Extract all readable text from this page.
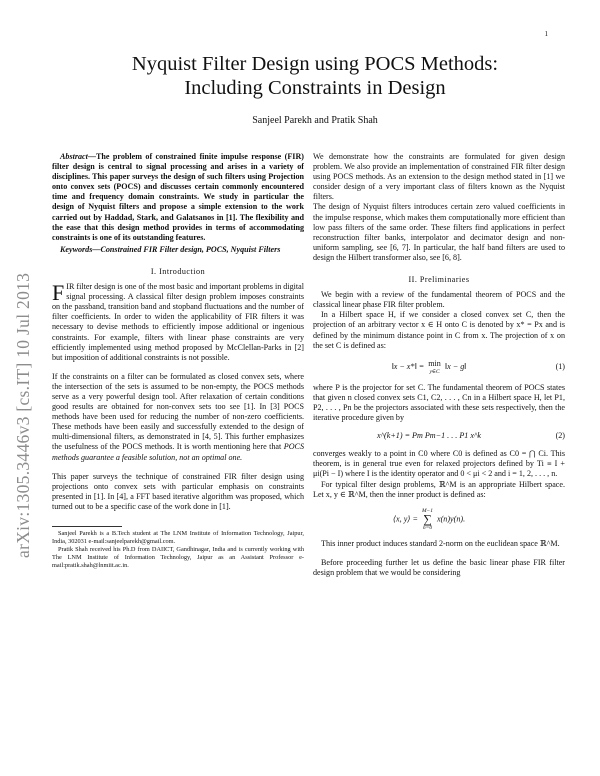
1
arXiv:1305.3446v3 [cs.IT] 10 Jul 2013
Nyquist Filter Design using POCS Methods:
Including Constraints in Design
Sanjeel Parekh and Pratik Shah

Abstract—The problem of constrained finite impulse response (FIR) filter design is central to signal processing and arises in a variety of disciplines. This paper surveys the design of such filters using Projection onto convex sets (POCS) and discusses certain commonly encountered time and frequency domain constraints. We study in particular the design of Nyquist filters and propose a simple extension to the work carried out by Haddad, Stark, and Galatsanos in [1]. The flexibility and the ease that this design method provides in terms of accommodating constraints is one of its outstanding features.

Keywords—Constrained FIR Filter design, POCS, Nyquist Filters

I. Introduction

FIR filter design is one of the most basic and important problems in digital signal processing. A classical filter design problem imposes constraints on the passband, transition band and stopband fluctuations and the number of filter coefficients. In order to widen the applicability of FIR filters it was necessary to devise methods to efficiently impose additional or ingenious constraints. For example, filters with linear phase constraints are very efficiently implemented using method proposed by McClellan-Parks in [2] but imposition of additional constraints is not possible.

If the constraints on a filter can be formulated as closed convex sets, where the intersection of the sets is assumed to be non-empty, the POCS methods serve as a very powerful design tool. After relaxation of certain conditions good results are obtained for non-convex sets too see [1]. In [3] POCS methods have been used for reducing the number of non-zero coefficients. These methods have been easily and successfully extended to the design of multi-dimensional filters, as demonstrated in [4, 5]. This further emphasizes the usefulness of the POCS methods. It is worth mentioning here that POCS methods guarantee a feasible solution, not an optimal one.

This paper surveys the technique of constrained FIR filter design using projections onto convex sets with particular emphasis on constraints presented in [1]. In [4], a FFT based iterative algorithm was proposed, which turned out to be a specific case of the work done in [1].

Sanjeel Parekh is a B.Tech student at The LNM Institute of Information Technology, Jaipur, India, 302031 e-mail:sanjeelparekh@gmail.com.

Pratik Shah received his Ph.D from DAIICT, Gandhinagar, India and is currently working with The LNM Institute of Information Technology, Jaipur as an Assistant Professor e-mail:pratik.shah@lnmiit.ac.in.

We demonstrate how the constraints are formulated for given design problem. We also provide an implementation of constrained FIR filter design using POCS methods. As an extension to the design method stated in [1] we consider design of a very important class of filters known as the Nyquist filters.

The design of Nyquist filters introduces certain zero valued coefficients in the impulse response, which makes them computationally more efficient than low pass filters of the same order. These filters find applications in perfect reconstruction filter banks, interpolator and decimator design and non-uniform sampling, see [6, 7]. In particular, the half band filters are used to design the Hilbert transformer also, see [6, 8].

II. Preliminaries

We begin with a review of the fundamental theorem of POCS and the classical linear phase FIR filter problem.

In a Hilbert space H, if we consider a closed convex set C, then the projection of an arbitrary vector x ∈ H onto C is denoted by x* = Px and is defined by the minimum distance point in C from x. The projection of x on the set C is defined as:

‖x − x*‖ = min
y∈C
‖x − g‖	(1)

where P is the projector for set C. The fundamental theorem of POCS states that given n closed convex sets C1, C2, . . . , Cn in a Hilbert space H, let P1, P2, . . . , Pn be the projectors associated with these sets respectively, then the iterative procedure given by

x^(k+1) = Pm Pm−1 . . . P1 x^k	(2)

converges weakly to a point in C0 where C0 is defined as C0 = ⋂ Ci. This theorem, is in general true even for relaxed projectors defined by Ti ≡ I + μi(Pi − I) where I is the identity operator and 0 < μi < 2 and i = 1, 2, . . . , n.

For typical filter design problems, ℝ^M is an appropriate Hilbert space. Let x, y ∈ ℝ^M, then the inner product is defined as:

⟨x, y⟩ =
M−1
∑
n=0
x(n)y(n).

This inner product induces standard 2-norm on the euclidean space ℝ^M.

Before proceeding further let us define the basic linear phase FIR filter design problem that we would be considering
